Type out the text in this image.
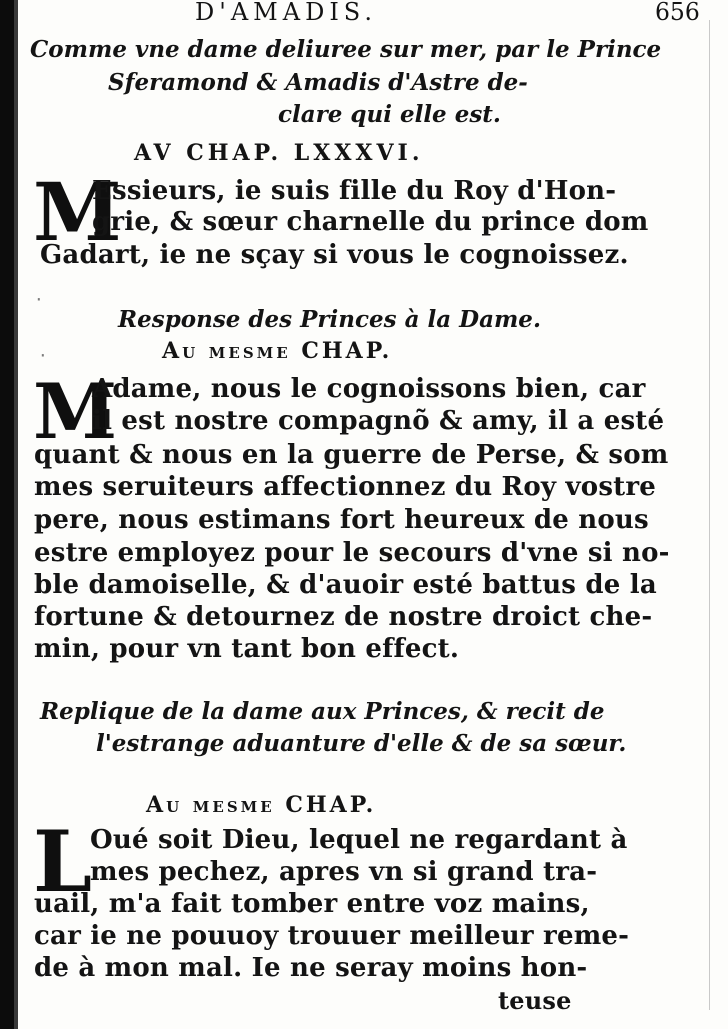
D'AMADIS.	656
Comme vne dame deliuree sur mer, par le Prince
Sferamond & Amadis d'Astre de-
clare qui elle est.
AV CHAP. LXXXVI.
M
Essieurs, ie suis fille du Roy d'Hon-
grie, & sœur charnelle du prince dom
Gadart, ie ne sçay si vous le cognoissez.
·
·
Response des Princes à la Dame.
Au mesme CHAP.
M
Adame, nous le cognoissons bien, car
il est nostre compagnõ & amy, il a esté
quant & nous en la guerre de Perse, & som
mes seruiteurs affectionnez du Roy vostre
pere, nous estimans fort heureux de nous
estre employez pour le secours d'vne si no-
ble damoiselle, & d'auoir esté battus de la
fortune & detournez de nostre droict che-
min, pour vn tant bon effect.
Replique de la dame aux Princes, & recit de
l'estrange aduanture d'elle & de sa sœur.
Au mesme CHAP.
L
Oué soit Dieu, lequel ne regardant à
mes pechez, apres vn si grand tra-
uail, m'a fait tomber entre voz mains,
car ie ne pouuoy trouuer meilleur reme-
de à mon mal. Ie ne seray moins hon-
teuse
